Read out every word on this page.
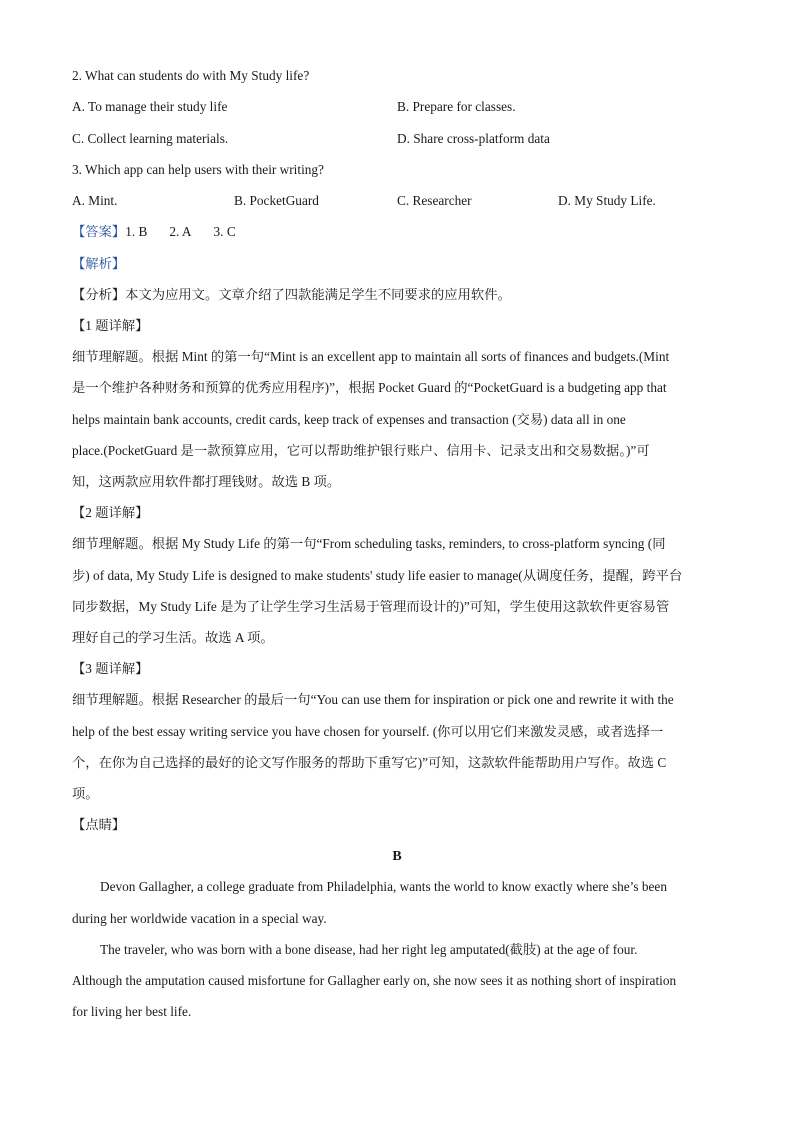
2. What can students do with My Study life?
A. To manage their study life	B. Prepare for classes.
C. Collect learning materials.	D. Share cross-platform data
3. Which app can help users with their writing?
A. Mint.	B. PocketGuard	C. Researcher	D. My Study Life.
【答案】1. B 2. A 3. C
【解析】
【分析】本文为应用文。文章介绍了四款能满足学生不同要求的应用软件。
【1 题详解】
细节理解题。根据 Mint 的第一句“Mint is an excellent app to maintain all sorts of finances and budgets.(Mint
是一个维护各种财务和预算的优秀应用程序)”，根据 Pocket Guard 的“PocketGuard is a budgeting app that
helps maintain bank accounts, credit cards, keep track of expenses and transaction (交易) data all in one
place.(PocketGuard 是一款预算应用，它可以帮助维护银行账户、信用卡、记录支出和交易数据。)”可
知，这两款应用软件都打理钱财。故选 B 项。
【2 题详解】
细节理解题。根据 My Study Life 的第一句“From scheduling tasks, reminders, to cross-platform syncing (同
步) of data, My Study Life is designed to make students' study life easier to manage(从调度任务，提醒，跨平台
同步数据，My Study Life 是为了让学生学习生活易于管理而设计的)”可知，学生使用这款软件更容易管
理好自己的学习生活。故选 A 项。
【3 题详解】
细节理解题。根据 Researcher 的最后一句“You can use them for inspiration or pick one and rewrite it with the
help of the best essay writing service you have chosen for yourself. (你可以用它们来激发灵感，或者选择一
个，在你为自己选择的最好的论文写作服务的帮助下重写它)”可知，这款软件能帮助用户写作。故选 C
项。
【点睛】
B
Devon Gallagher, a college graduate from Philadelphia, wants the world to know exactly where she’s been
during her worldwide vacation in a special way.
The traveler, who was born with a bone disease, had her right leg amputated(截肢) at the age of four.
Although the amputation caused misfortune for Gallagher early on, she now sees it as nothing short of inspiration
for living her best life.
